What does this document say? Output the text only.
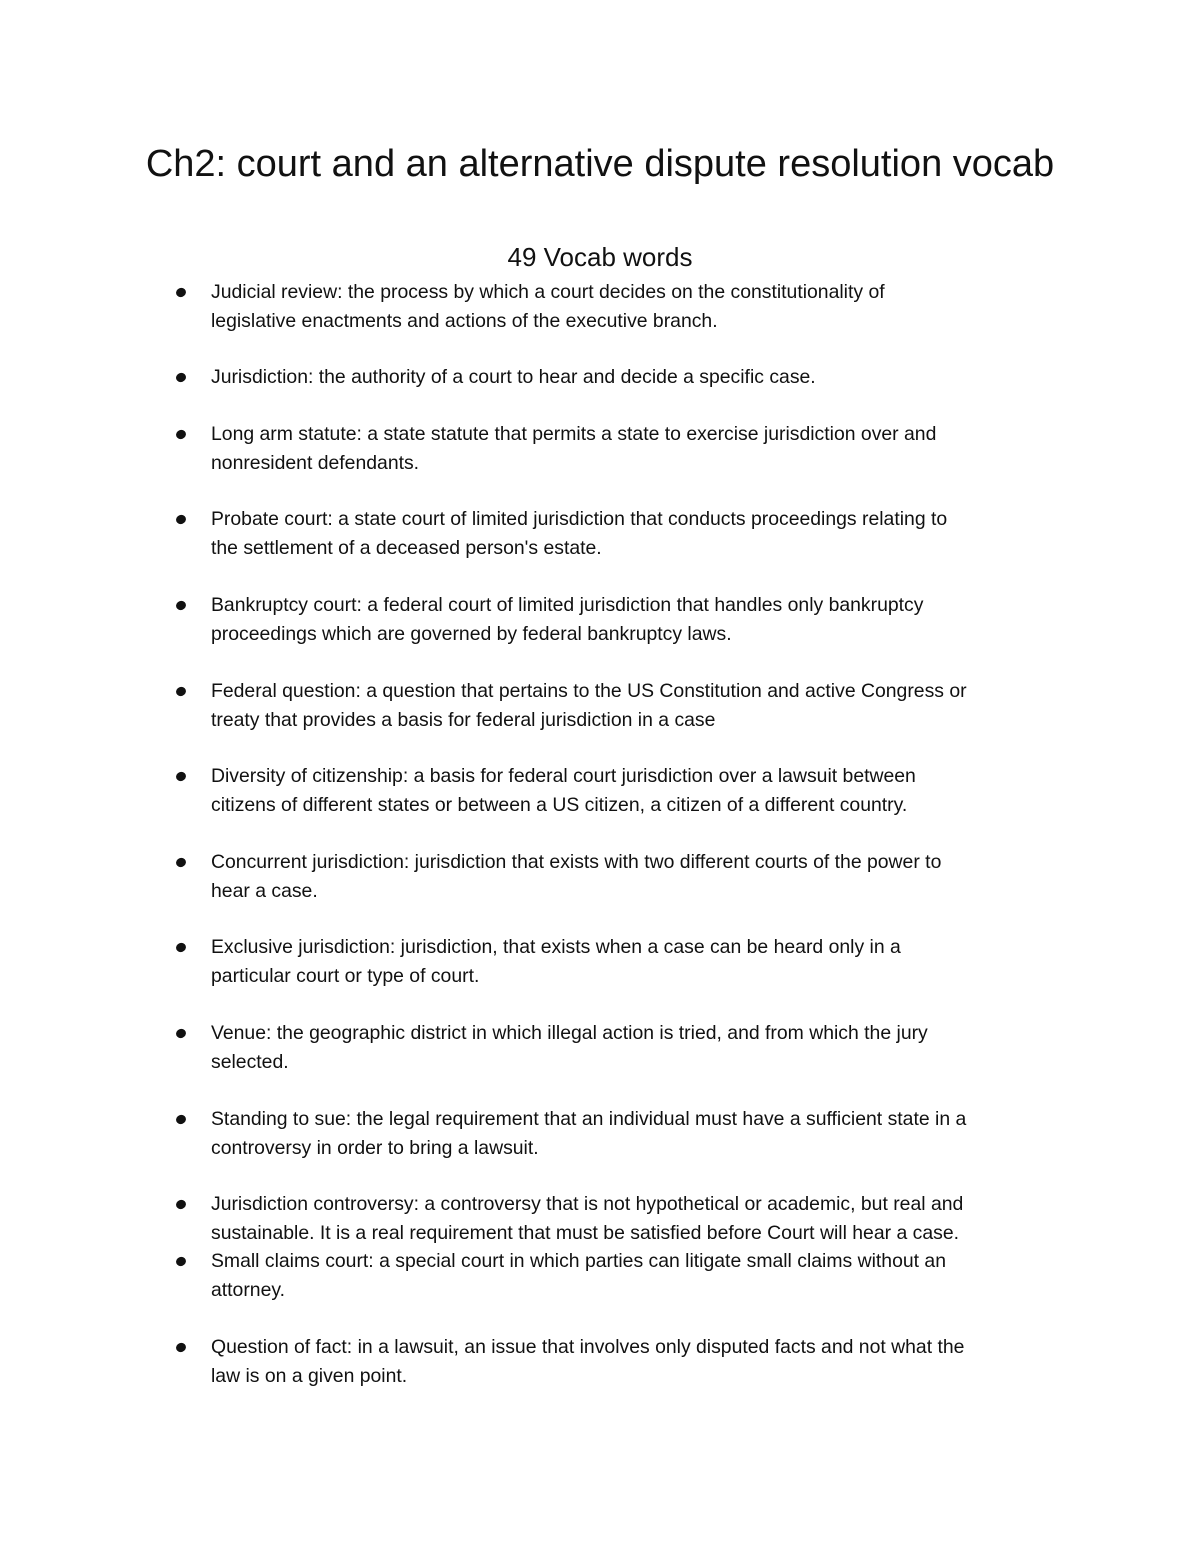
Ch2: court and an alternative dispute resolution vocab
49 Vocab words
Judicial review: the process by which a court decides on the constitutionality of
legislative enactments and actions of the executive branch.
Jurisdiction: the authority of a court to hear and decide a specific case.
Long arm statute: a state statute that permits a state to exercise jurisdiction over and
nonresident defendants.
Probate court: a state court of limited jurisdiction that conducts proceedings relating to
the settlement of a deceased person's estate.
Bankruptcy court: a federal court of limited jurisdiction that handles only bankruptcy
proceedings which are governed by federal bankruptcy laws.
Federal question: a question that pertains to the US Constitution and active Congress or
treaty that provides a basis for federal jurisdiction in a case
Diversity of citizenship: a basis for federal court jurisdiction over a lawsuit between
citizens of different states or between a US citizen, a citizen of a different country.
Concurrent jurisdiction: jurisdiction that exists with two different courts of the power to
hear a case.
Exclusive jurisdiction: jurisdiction, that exists when a case can be heard only in a
particular court or type of court.
Venue: the geographic district in which illegal action is tried, and from which the jury
selected.
Standing to sue: the legal requirement that an individual must have a sufficient state in a
controversy in order to bring a lawsuit.
Jurisdiction controversy: a controversy that is not hypothetical or academic, but real and
sustainable. It is a real requirement that must be satisfied before Court will hear a case.
Small claims court: a special court in which parties can litigate small claims without an
attorney.
Question of fact: in a lawsuit, an issue that involves only disputed facts and not what the
law is on a given point.
